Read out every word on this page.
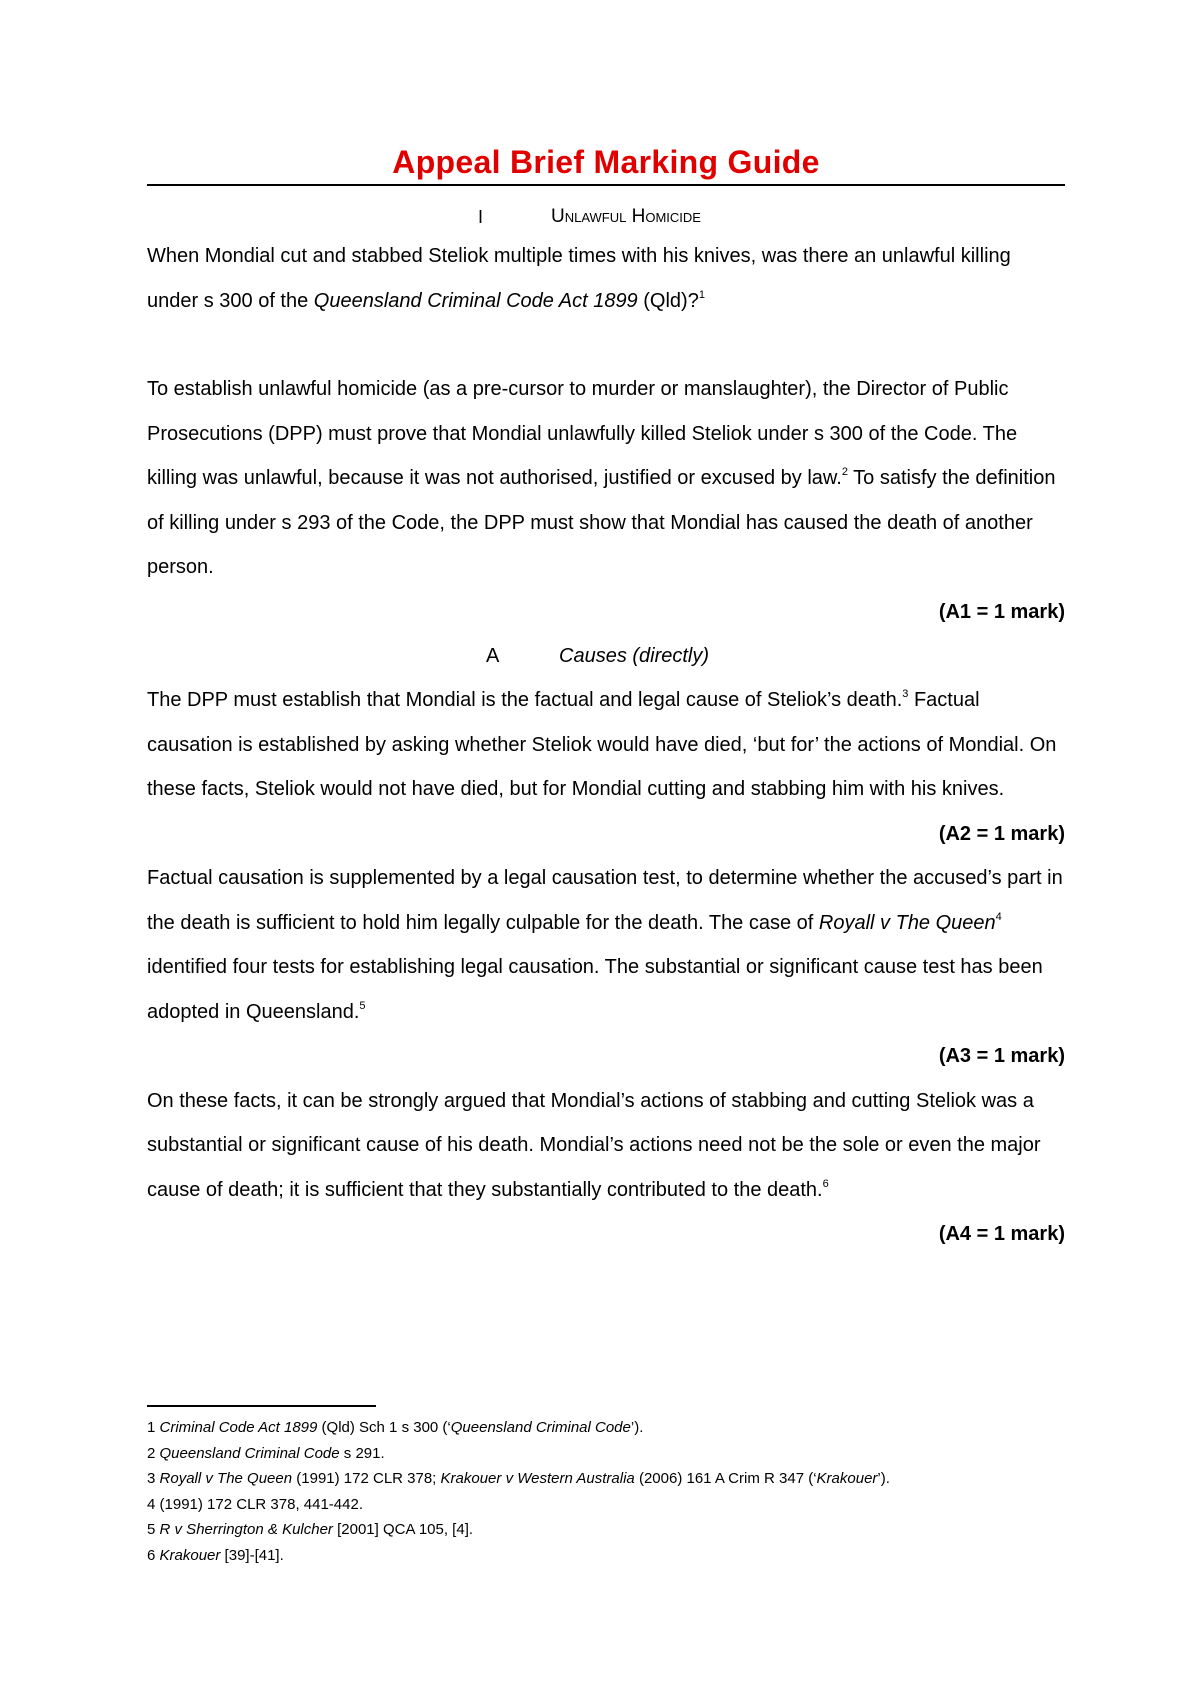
Appeal Brief Marking Guide
I	Unlawful Homicide

When Mondial cut and stabbed Steliok multiple times with his knives, was there an unlawful killing under s 300 of the Queensland Criminal Code Act 1899 (Qld)?$^1$

To establish unlawful homicide (as a pre-cursor to murder or manslaughter), the Director of Public Prosecutions (DPP) must prove that Mondial unlawfully killed Steliok under s 300 of the Code. The killing was unlawful, because it was not authorised, justified or excused by law.$^2$ To satisfy the definition of killing under s 293 of the Code, the DPP must show that Mondial has caused the death of another person.

(A1 = 1 mark)

A	Causes (directly)

The DPP must establish that Mondial is the factual and legal cause of Steliok’s death.$^3$ Factual causation is established by asking whether Steliok would have died, ‘but for’ the actions of Mondial. On these facts, Steliok would not have died, but for Mondial cutting and stabbing him with his knives.

(A2 = 1 mark)

Factual causation is supplemented by a legal causation test, to determine whether the accused’s part in the death is sufficient to hold him legally culpable for the death. The case of Royall v The Queen$^4$ identified four tests for establishing legal causation. The substantial or significant cause test has been adopted in Queensland.$^5$

(A3 = 1 mark)

On these facts, it can be strongly argued that Mondial’s actions of stabbing and cutting Steliok was a substantial or significant cause of his death. Mondial’s actions need not be the sole or even the major cause of death; it is sufficient that they substantially contributed to the death.$^6$

(A4 = 1 mark)

1 Criminal Code Act 1899 (Qld) Sch 1 s 300 (‘Queensland Criminal Code’).

2 Queensland Criminal Code s 291.

3 Royall v The Queen (1991) 172 CLR 378; Krakouer v Western Australia (2006) 161 A Crim R 347 (‘Krakouer’).

4 (1991) 172 CLR 378, 441-442.

5 R v Sherrington & Kulcher [2001] QCA 105, [4].

6 Krakouer [39]-[41].
